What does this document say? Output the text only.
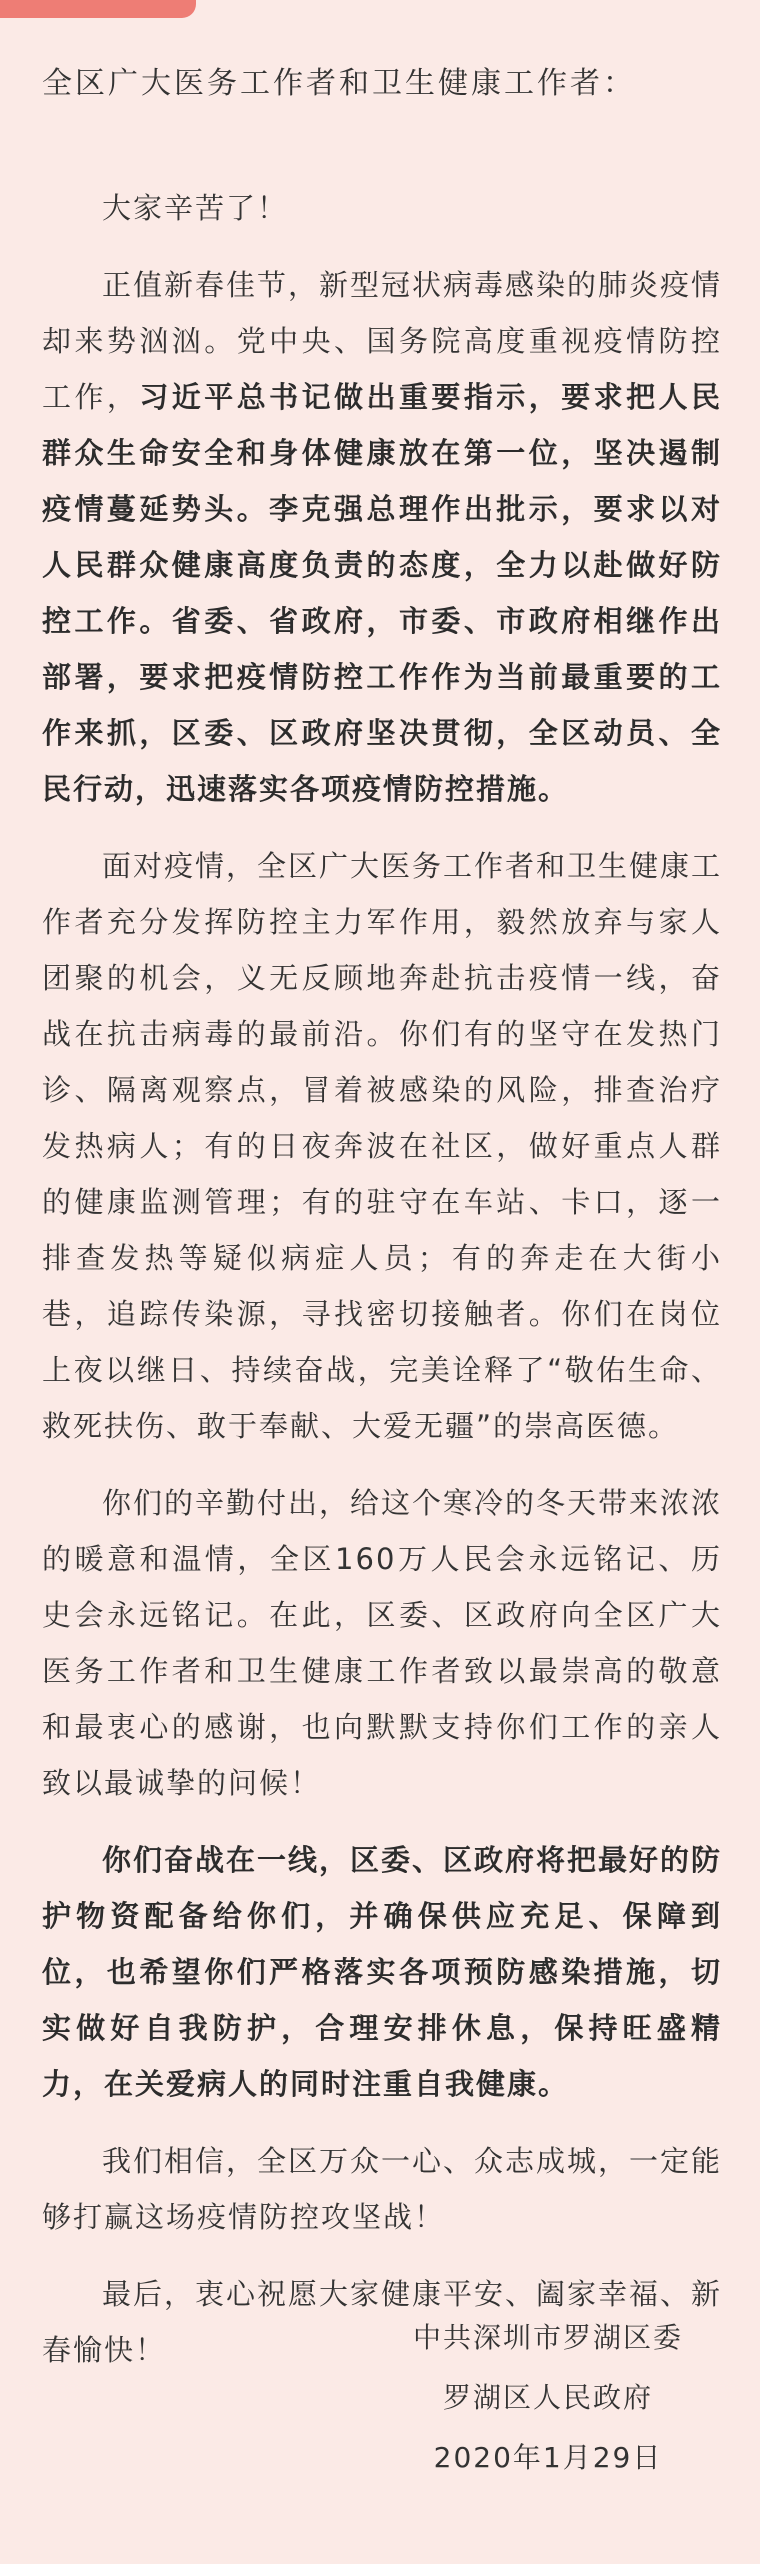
全区广大医务工作者和卫生健康工作者：

大家辛苦了！

正值新春佳节，新型冠状病毒感染的肺炎疫情却来势汹汹。党中央、国务院高度重视疫情防控工作，习近平总书记做出重要指示，要求把人民群众生命安全和身体健康放在第一位，坚决遏制疫情蔓延势头。李克强总理作出批示，要求以对人民群众健康高度负责的态度，全力以赴做好防控工作。省委、省政府，市委、市政府相继作出部署，要求把疫情防控工作作为当前最重要的工作来抓，区委、区政府坚决贯彻，全区动员、全民行动，迅速落实各项疫情防控措施。

面对疫情，全区广大医务工作者和卫生健康工作者充分发挥防控主力军作用，毅然放弃与家人团聚的机会，义无反顾地奔赴抗击疫情一线，奋战在抗击病毒的最前沿。你们有的坚守在发热门诊、隔离观察点，冒着被感染的风险，排查治疗发热病人；有的日夜奔波在社区，做好重点人群的健康监测管理；有的驻守在车站、卡口，逐一排查发热等疑似病症人员；有的奔走在大街小巷，追踪传染源，寻找密切接触者。你们在岗位上夜以继日、持续奋战，完美诠释了“敬佑生命、救死扶伤、敢于奉献、大爱无疆”的崇高医德。

你们的辛勤付出，给这个寒冷的冬天带来浓浓的暖意和温情，全区160万人民会永远铭记、历史会永远铭记。在此，区委、区政府向全区广大医务工作者和卫生健康工作者致以最崇高的敬意和最衷心的感谢，也向默默支持你们工作的亲人致以最诚挚的问候！

你们奋战在一线，区委、区政府将把最好的防护物资配备给你们，并确保供应充足、保障到位，也希望你们严格落实各项预防感染措施，切实做好自我防护，合理安排休息，保持旺盛精力，在关爱病人的同时注重自我健康。

我们相信，全区万众一心、众志成城，一定能够打赢这场疫情防控攻坚战！

最后，衷心祝愿大家健康平安、阖家幸福、新春愉快！	中共深圳市罗湖区委

罗湖区人民政府

2020年1月29日
